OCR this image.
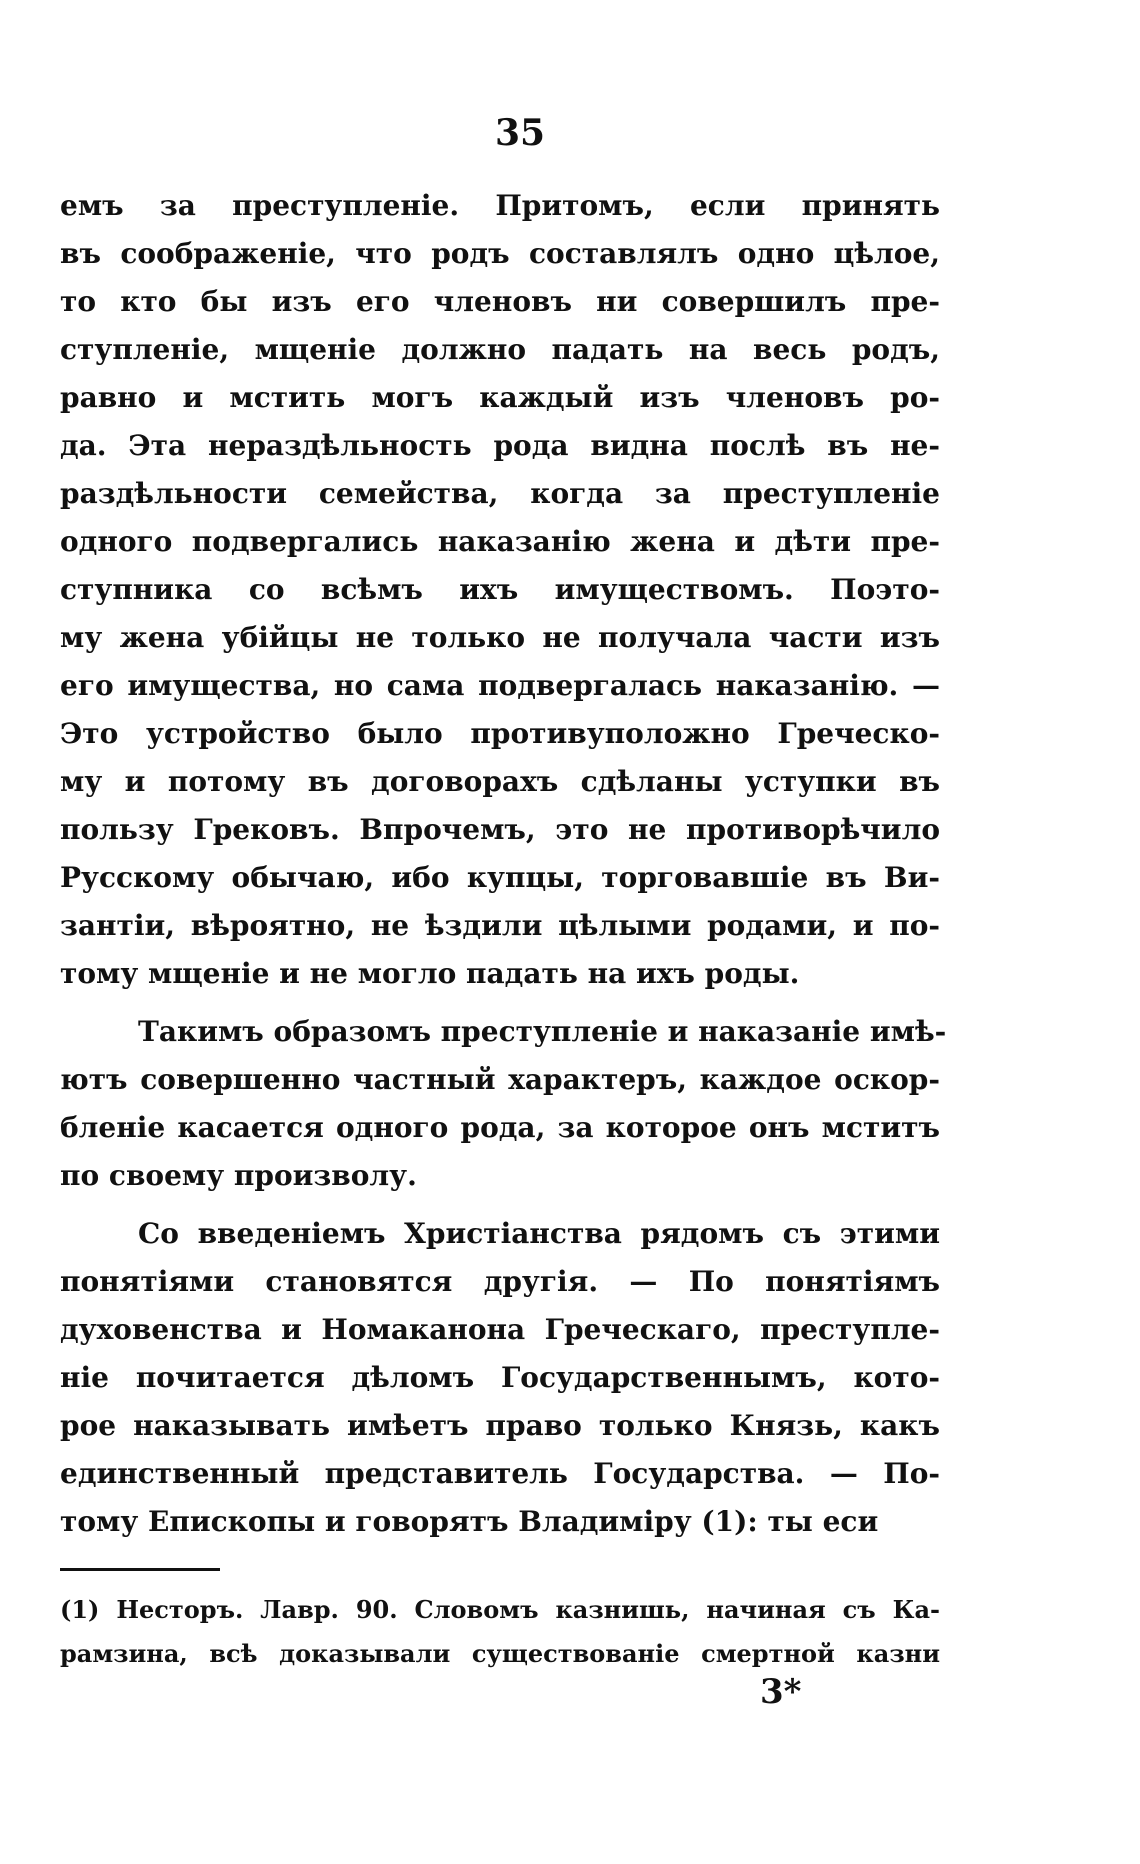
35
емъ за преступленіе. Притомъ, если принять
въ соображеніе, что родъ составлялъ одно цѣлое,
то кто бы изъ его членовъ ни совершилъ пре-
ступленіе, мщеніе должно падать на весь родъ,
равно и мстить могъ каждый изъ членовъ ро-
да. Эта нераздѣльность рода видна послѣ въ не-
раздѣльности семейства, когда за преступленіе
одного подвергались наказанію жена и дѣти пре-
ступника со всѣмъ ихъ имуществомъ. Поэто-
му жена убійцы не только не получала части изъ
его имущества, но сама подвергалась наказанію. —
Это устройство было противуположно Греческо-
му и потому въ договорахъ сдѣланы уступки въ
пользу Грековъ. Впрочемъ, это не противорѣчило
Русскому обычаю, ибо купцы, торговавшіе въ Ви-
зантіи, вѣроятно, не ѣздили цѣлыми родами, и по-
тому мщеніе и не могло падать на ихъ роды.
Такимъ образомъ преступленіе и наказаніе имѣ-
ютъ совершенно частный характеръ, каждое оскор-
бленіе касается одного рода, за которое онъ мститъ
по своему произволу.
Со введеніемъ Христіанства рядомъ съ этими
понятіями становятся другія. — По понятіямъ
духовенства и Номаканона Греческаго, преступле-
ніе почитается дѣломъ Государственнымъ, кото-
рое наказывать имѣетъ право только Князь, какъ
единственный представитель Государства. — По-
тому Епископы и говорятъ Владиміру (1): ты еси
(1) Несторъ. Лавр. 90. Словомъ казнишь, начиная съ Ка-
рамзина, всѣ доказывали существованіе смертной казни
3*
